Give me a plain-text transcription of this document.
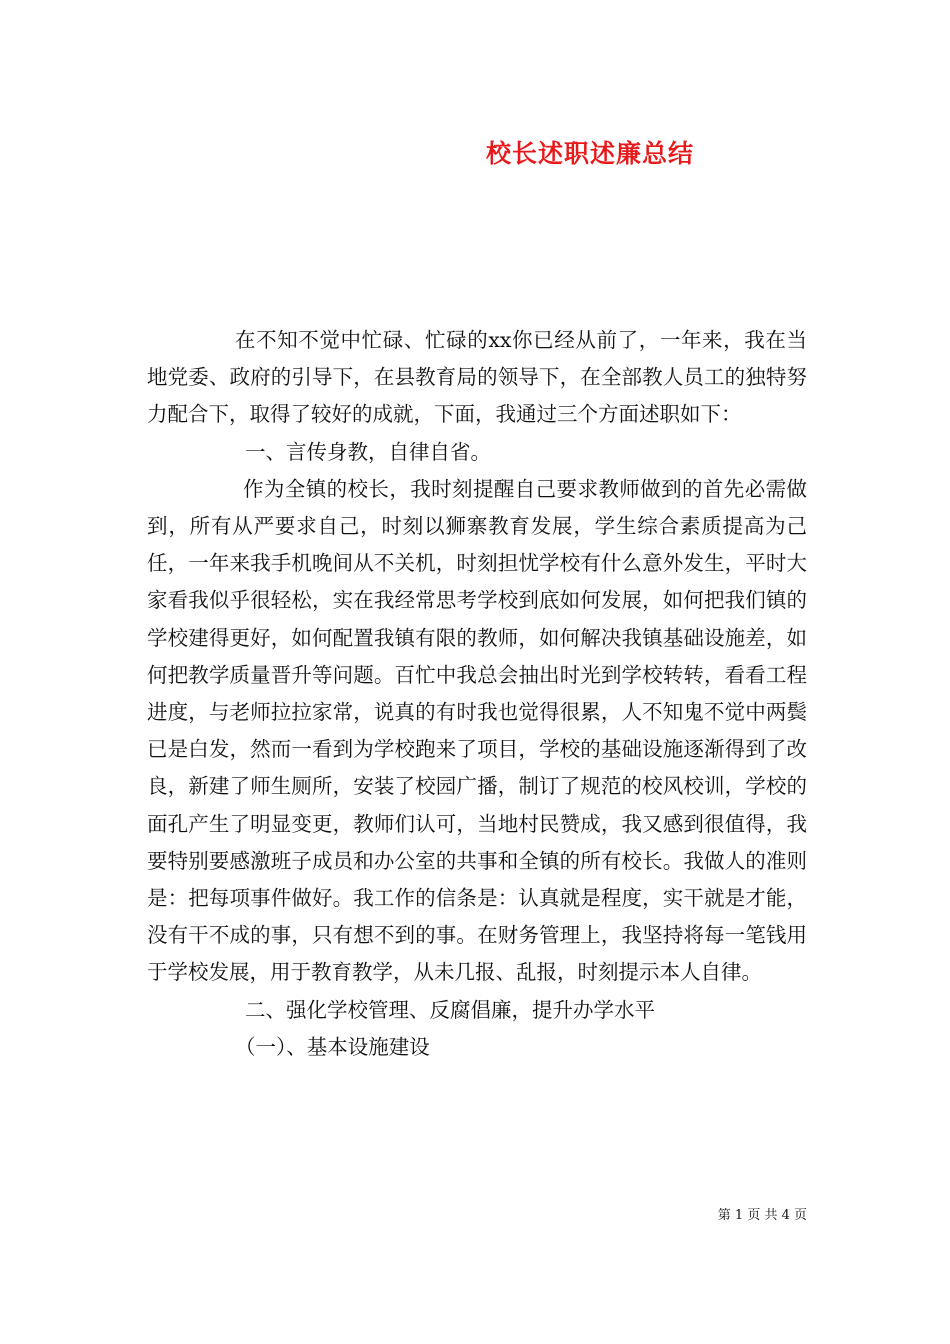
校长述职述廉总结

在不知不觉中忙碌、忙碌的xx你已经从前了，一年来，我在当地党委、政府的引导下，在县教育局的领导下，在全部教人员工的独特努力配合下，取得了较好的成就，下面，我通过三个方面述职如下：

一、言传身教，自律自省。

作为全镇的校长，我时刻提醒自己要求教师做到的首先必需做到，所有从严要求自己，时刻以狮寨教育发展，学生综合素质提高为己任，一年来我手机晚间从不关机，时刻担忧学校有什么意外发生，平时大家看我似乎很轻松，实在我经常思考学校到底如何发展，如何把我们镇的学校建得更好，如何配置我镇有限的教师，如何解决我镇基础设施差，如何把教学质量晋升等问题。百忙中我总会抽出时光到学校转转，看看工程进度，与老师拉拉家常，说真的有时我也觉得很累，人不知鬼不觉中两鬓已是白发，然而一看到为学校跑来了项目，学校的基础设施逐渐得到了改良，新建了师生厕所，安装了校园广播，制订了规范的校风校训，学校的面孔产生了明显变更，教师们认可，当地村民赞成，我又感到很值得，我要特别要感激班子成员和办公室的共事和全镇的所有校长。我做人的准则是：把每项事件做好。我工作的信条是：认真就是程度，实干就是才能，没有干不成的事，只有想不到的事。在财务管理上，我坚持将每一笔钱用于学校发展，用于教育教学，从未几报、乱报，时刻提示本人自律。

二、强化学校管理、反腐倡廉，提升办学水平

（一）、基本设施建设

第 1 页 共 4 页
